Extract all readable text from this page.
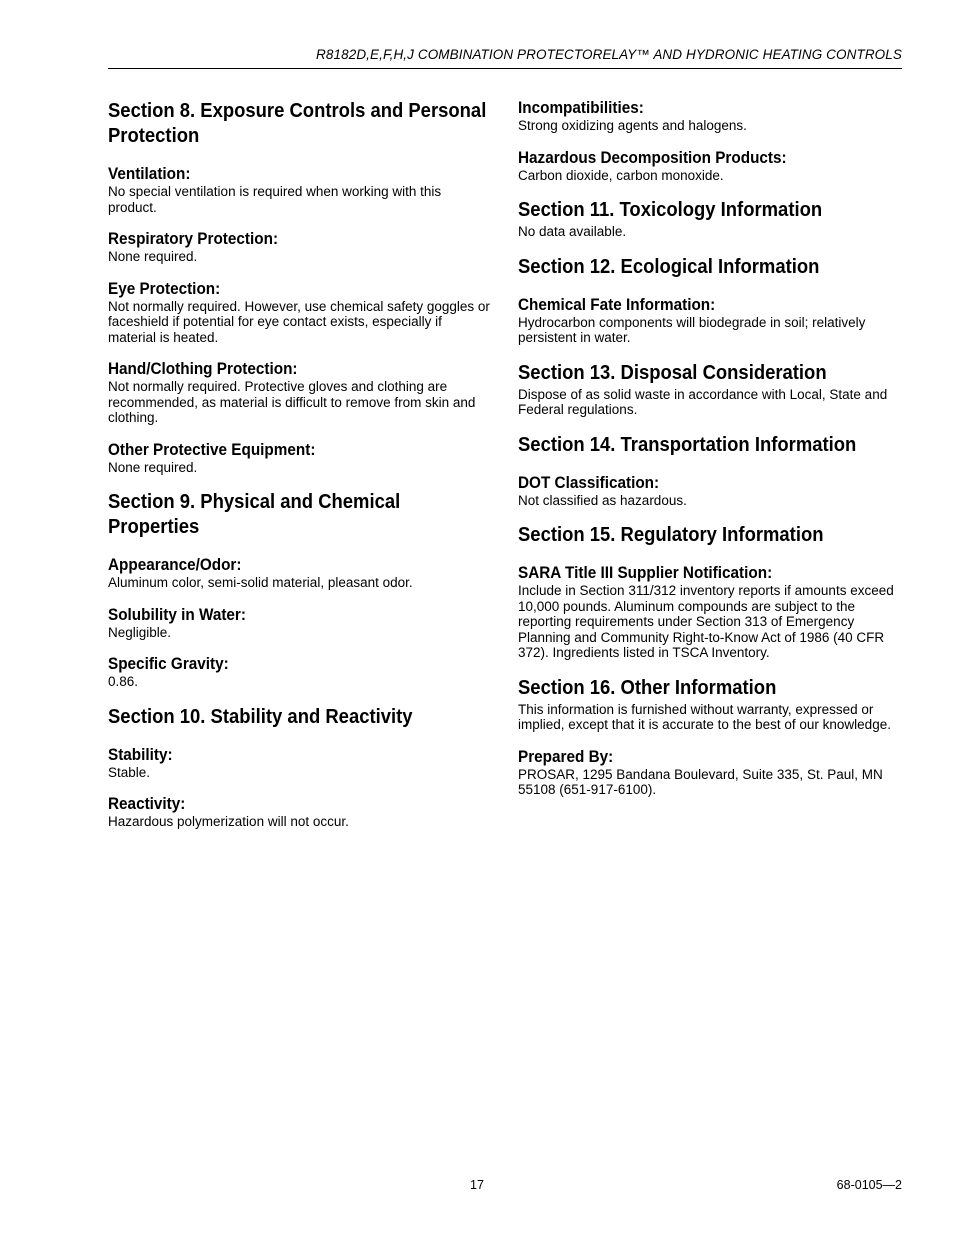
R8182D,E,F,H,J COMBINATION PROTECTORELAY™ AND HYDRONIC HEATING CONTROLS
Section 8. Exposure Controls and Personal Protection
Ventilation:

No special ventilation is required when working with this product.

Respiratory Protection:

None required.

Eye Protection:

Not normally required. However, use chemical safety goggles or faceshield if potential for eye contact exists, especially if material is heated.

Hand/Clothing Protection:

Not normally required. Protective gloves and clothing are recommended, as material is difficult to remove from skin and clothing.

Other Protective Equipment:

None required.

Section 9. Physical and Chemical Properties
Appearance/Odor:

Aluminum color, semi-solid material, pleasant odor.

Solubility in Water:

Negligible.

Specific Gravity:

0.86.

Section 10. Stability and Reactivity
Stability:

Stable.

Reactivity:

Hazardous polymerization will not occur.

Incompatibilities:

Strong oxidizing agents and halogens.

Hazardous Decomposition Products:

Carbon dioxide, carbon monoxide.

Section 11. Toxicology Information

No data available.

Section 12. Ecological Information
Chemical Fate Information:

Hydrocarbon components will biodegrade in soil; relatively persistent in water.

Section 13. Disposal Consideration

Dispose of as solid waste in accordance with Local, State and Federal regulations.

Section 14. Transportation Information
DOT Classification:

Not classified as hazardous.

Section 15. Regulatory Information
SARA Title III Supplier Notification:

Include in Section 311/312 inventory reports if amounts exceed 10,000 pounds. Aluminum compounds are subject to the reporting requirements under Section 313 of Emergency Planning and Community Right-to-Know Act of 1986 (40 CFR 372). Ingredients listed in TSCA Inventory.

Section 16. Other Information

This information is furnished without warranty, expressed or implied, except that it is accurate to the best of our knowledge.

Prepared By:

PROSAR, 1295 Bandana Boulevard, Suite 335, St. Paul, MN 55108 (651-917-6100).

17	68-0105—2
